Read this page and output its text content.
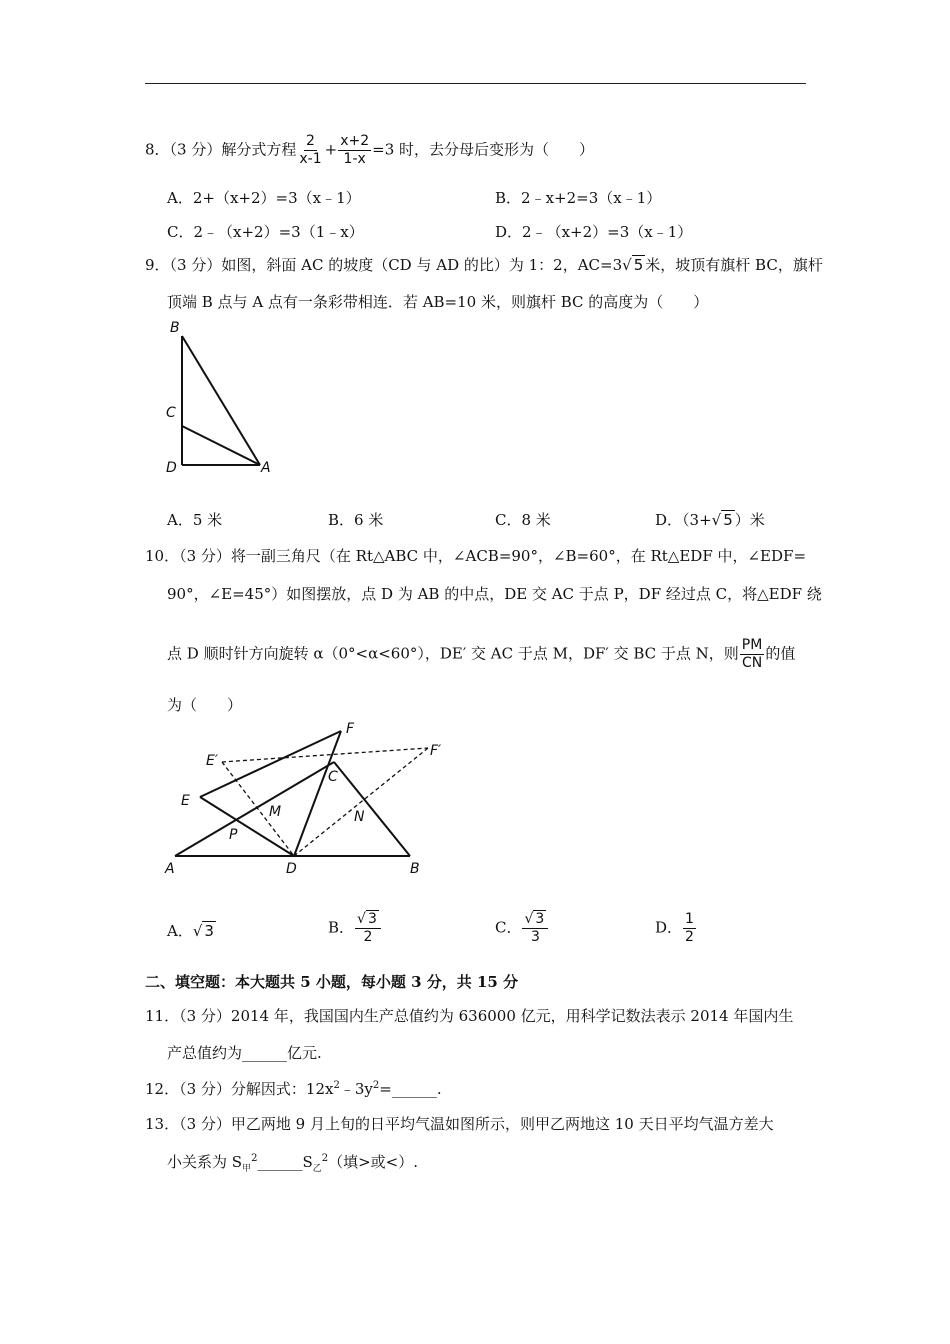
8．（3 分）解分式方程 $\frac{2}{x-1} + \frac{x+2}{1-x} =3$ 时，去分母后变形为（　　）
A．2+（x+2）=3（x﹣1）	B．2﹣x+2=3（x﹣1）
C．2﹣（x+2）=3（1﹣x）	D．2﹣（x+2）=3（x﹣1）
9．（3 分）如图，斜面 AC 的坡度（CD 与 AD 的比）为 1：2，AC=3√ 5 米，坡顶有旗杆 BC，旗杆
顶端 B 点与 A 点有一条彩带相连．若 AB=10 米，则旗杆 BC 的高度为（　　）
B
C
D	A
A．5 米	B．6 米	C．8 米	D．（3+√ 5 ）米
10．（3 分）将一副三角尺（在 Rt△ABC 中，∠ACB=90°，∠B=60°，在 Rt△EDF 中，∠EDF=
90°，∠E=45°）如图摆放，点 D 为 AB 的中点，DE 交 AC 于点 P，DF 经过点 C，将△EDF 绕
点 D 顺时针方向旋转 α（0°<α<60°），DE′ 交 AC 于点 M，DF′ 交 BC 于点 N，则 $\frac{PM}{CN}$ 的值
为（　　）
E′
F
F′
C
E
M	N
P
A	D	B
A．√ 3	B． $\frac{√ 3}{2}$	C． $\frac{√ 3}{3}$	D． $\frac{1}{2}$
二、填空题：本大题共 5 小题，每小题 3 分，共 15 分
11．（3 分）2014 年，我国国内生产总值约为 636000 亿元，用科学记数法表示 2014 年国内生
产总值约为______亿元.
12．（3 分）分解因式：$12x^2﹣3y^2=\_\_\_\_\_\_$.
13．（3 分）甲乙两地 9 月上旬的日平均气温如图所示，则甲乙两地这 10 天日平均气温方差大
小关系为 $S_甲^2\_\_\_\_\_\_S_乙^2$（填>或<）.
